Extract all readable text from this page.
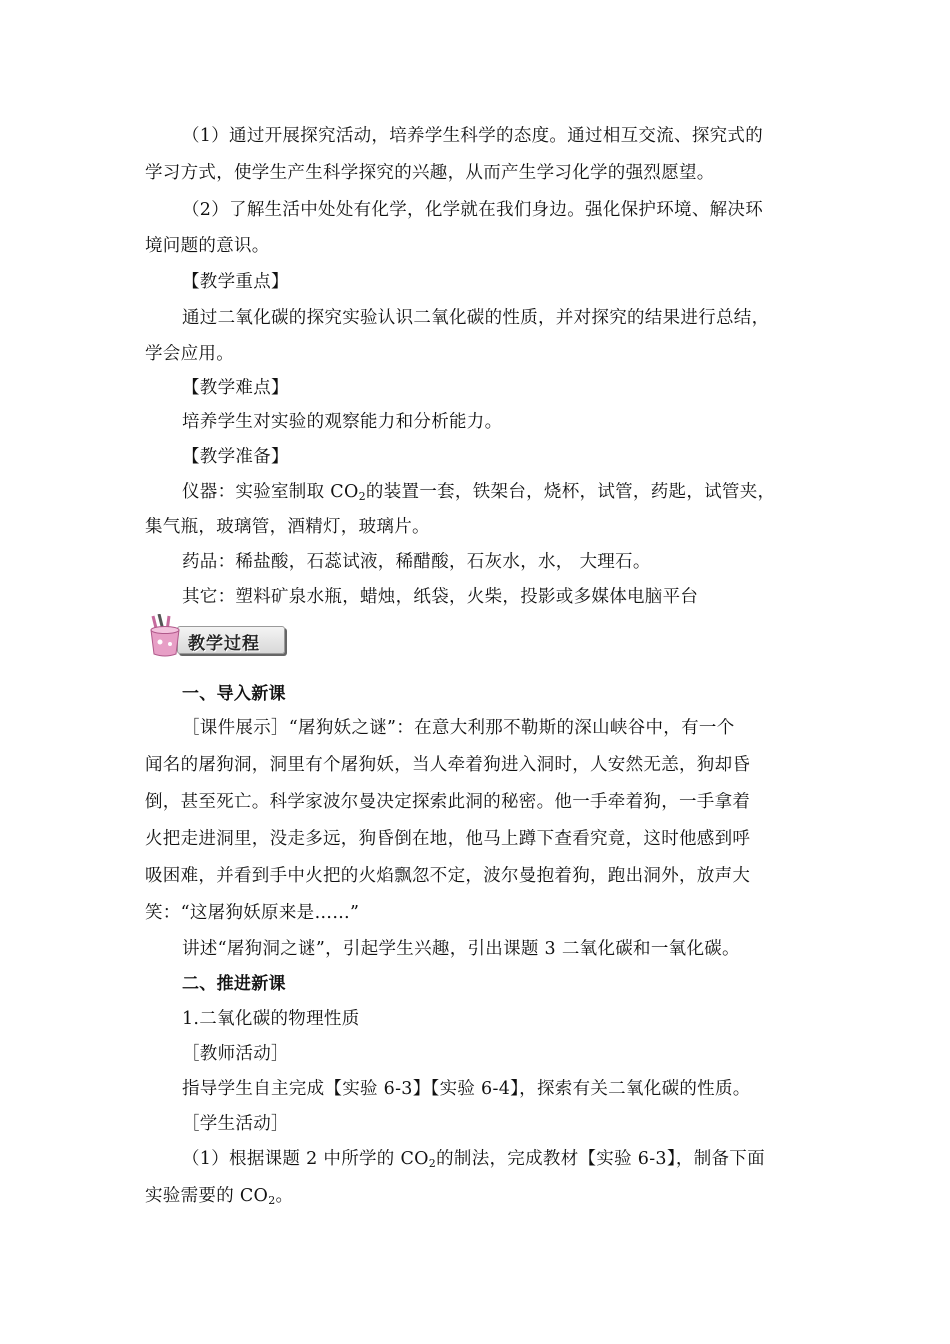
（1）通过开展探究活动，培养学生科学的态度。通过相互交流、探究式的
学习方式，使学生产生科学探究的兴趣，从而产生学习化学的强烈愿望。
（2）了解生活中处处有化学，化学就在我们身边。强化保护环境、解决环
境问题的意识。
【教学重点】
通过二氧化碳的探究实验认识二氧化碳的性质，并对探究的结果进行总结，
学会应用。
【教学难点】
培养学生对实验的观察能力和分析能力。
【教学准备】
仪器：实验室制取 $CO_2$的装置一套，铁架台，烧杯，试管，药匙，试管夹，
集气瓶，玻璃管，酒精灯，玻璃片。
药品：稀盐酸，石蕊试液，稀醋酸，石灰水，水， 大理石。
其它：塑料矿泉水瓶，蜡烛，纸袋，火柴，投影或多媒体电脑平台
教学过程
一、导入新课
［课件展示］“屠狗妖之谜”：在意大利那不勒斯的深山峡谷中，有一个
闻名的屠狗洞，洞里有个屠狗妖，当人牵着狗进入洞时，人安然无恙，狗却昏
倒，甚至死亡。科学家波尔曼决定探索此洞的秘密。他一手牵着狗，一手拿着
火把走进洞里，没走多远，狗昏倒在地，他马上蹲下查看究竟，这时他感到呼
吸困难，并看到手中火把的火焰飘忽不定，波尔曼抱着狗，跑出洞外，放声大
笑：“这屠狗妖原来是……”
讲述“屠狗洞之谜”，引起学生兴趣，引出课题 3 二氧化碳和一氧化碳。
二、推进新课
1.二氧化碳的物理性质
［教师活动］
指导学生自主完成【实验 6-3】【实验 6-4】，探索有关二氧化碳的性质。
［学生活动］
（1）根据课题 2 中所学的 $CO_2$的制法，完成教材【实验 6-3】，制备下面
实验需要的 $CO_2$。
